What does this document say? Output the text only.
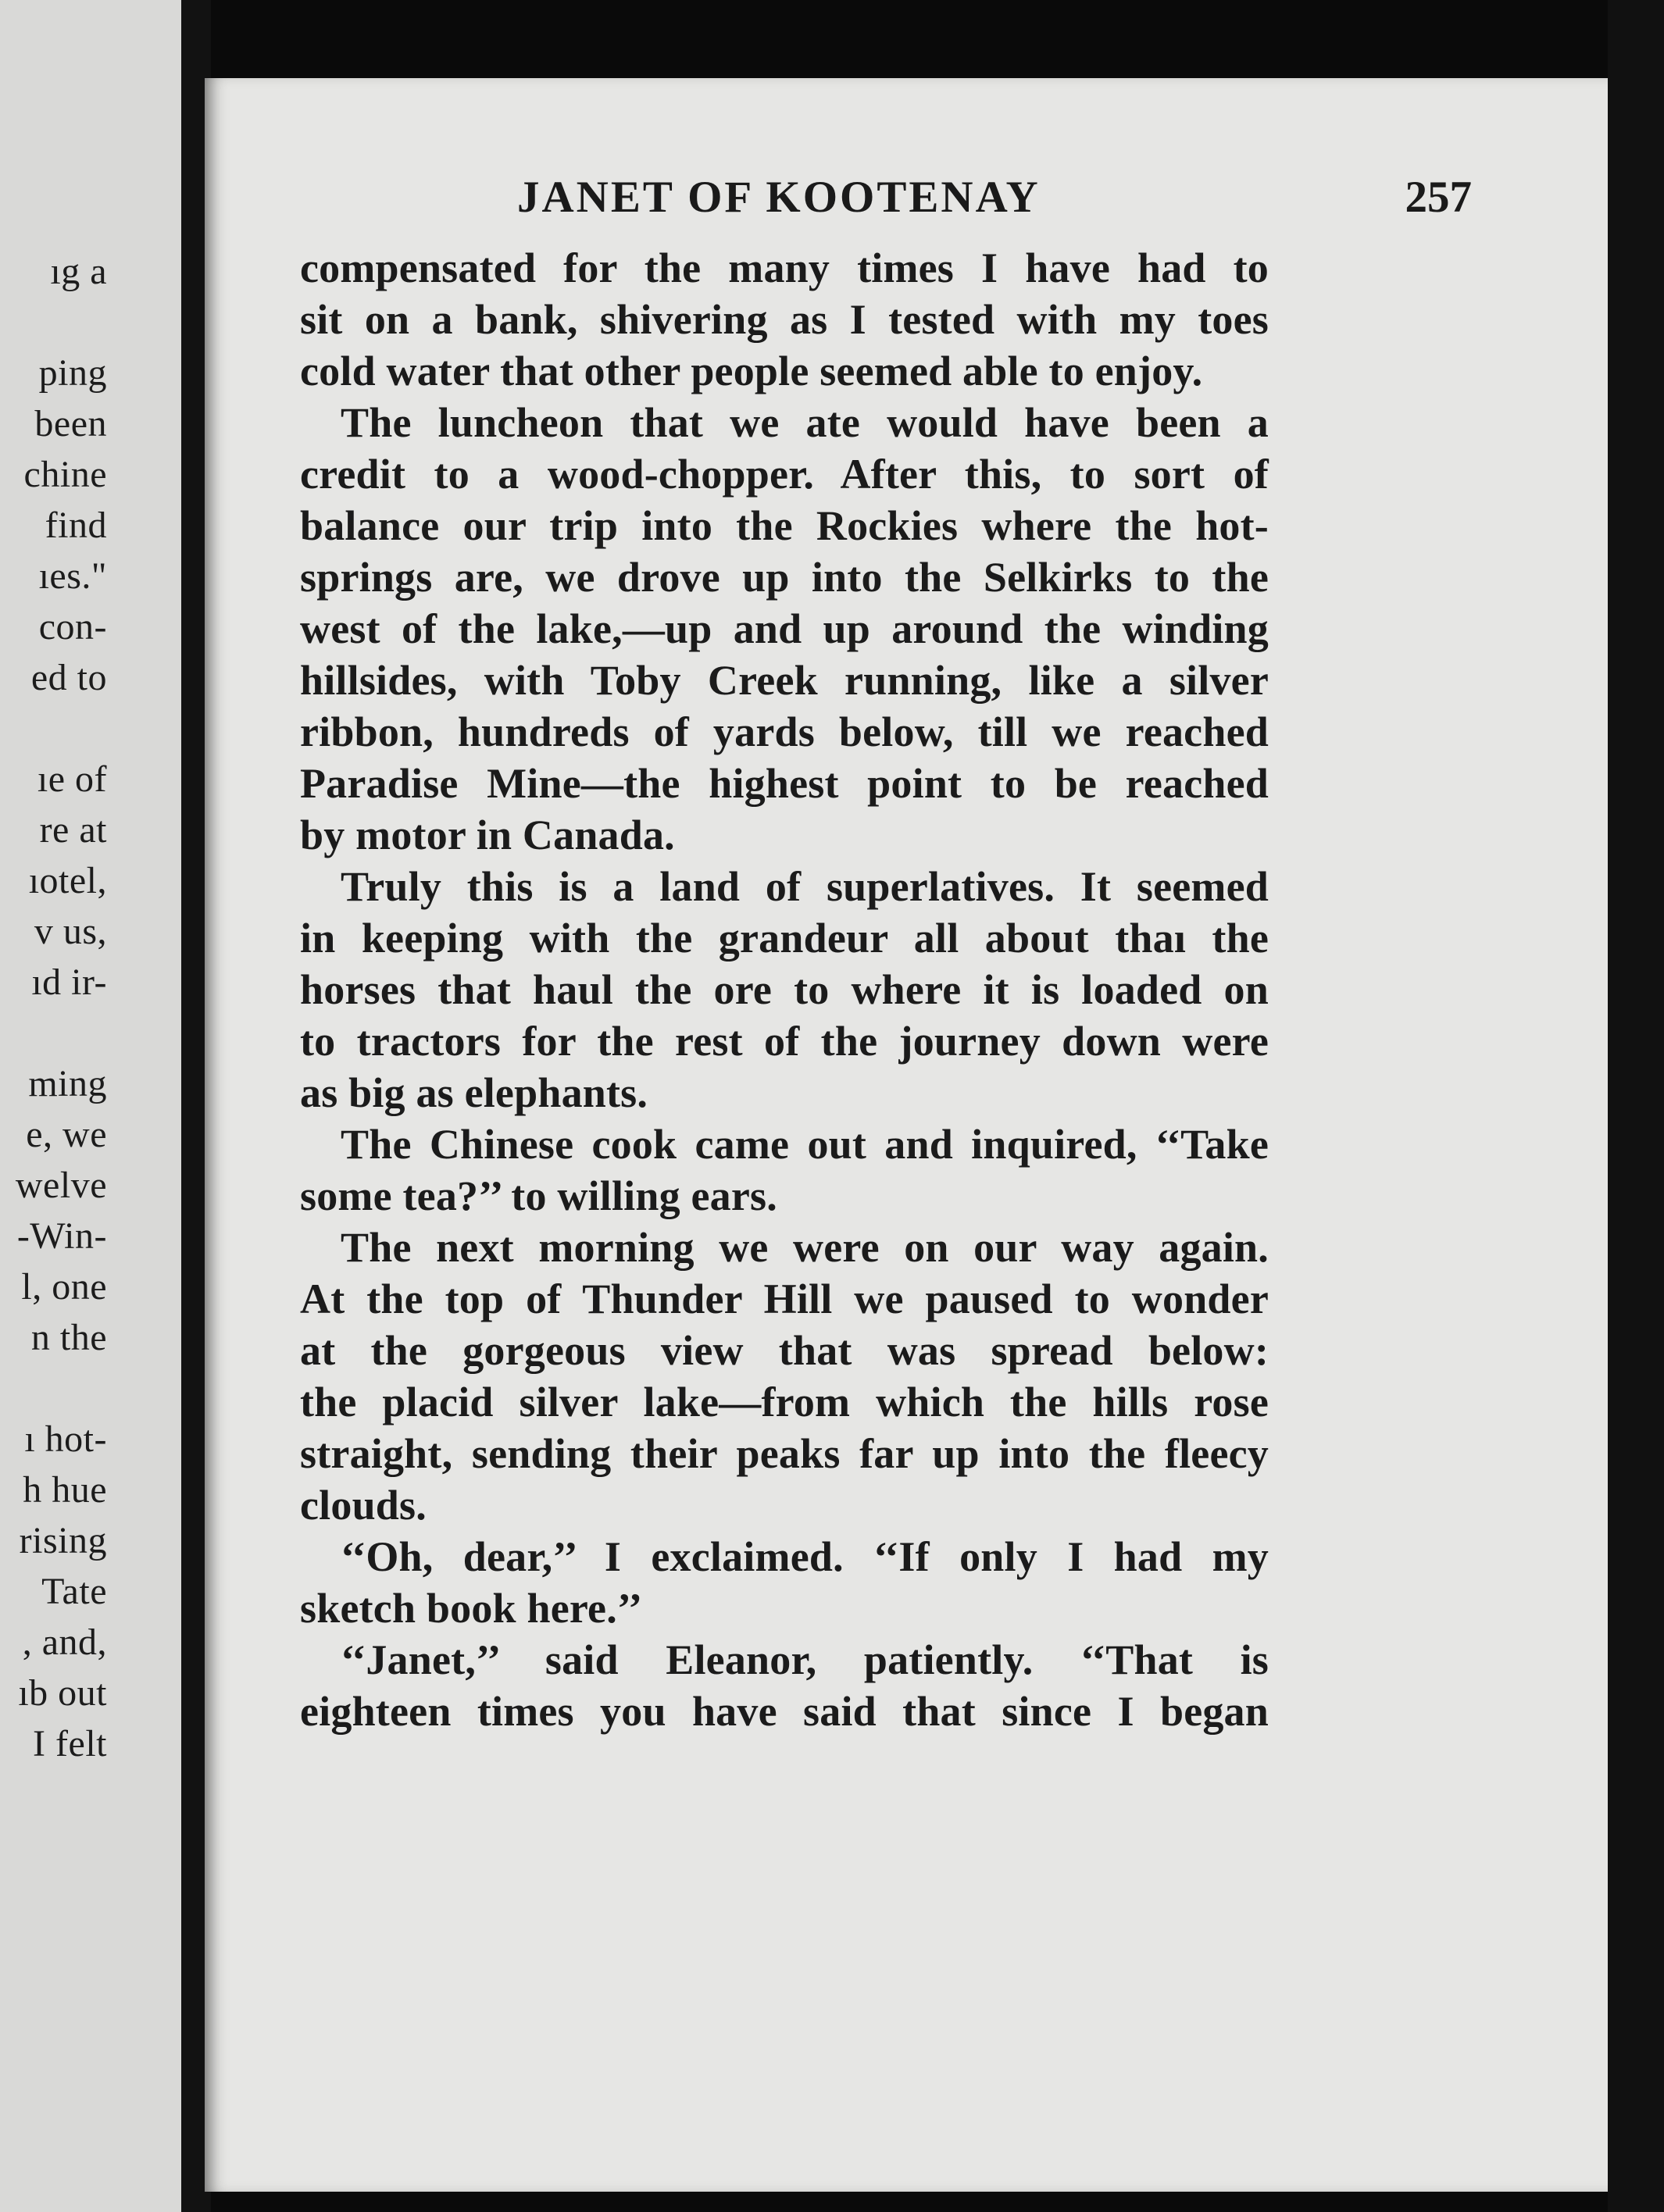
ıg a
ping
been
chine
find
ıes."
con-
ed to
ıe of
re at
ıotel,
v us,
ıd ir-
ming
e, we
welve
-Win-
l, one
n the
ı hot-
h hue
rising
Tate
, and,
ıb out
I felt
JANET OF KOOTENAY	257
compensated for the many times I have had to
sit on a bank, shivering as I tested with my toes
cold water that other people seemed able to enjoy.
The luncheon that we ate would have been a
credit to a wood-chopper. After this, to sort of
balance our trip into the Rockies where the hot-
springs are, we drove up into the Selkirks to the
west of the lake,—up and up around the winding
hillsides, with Toby Creek running, like a silver
ribbon, hundreds of yards below, till we reached
Paradise Mine—the highest point to be reached
by motor in Canada.
Truly this is a land of superlatives. It seemed
in keeping with the grandeur all about thaı the
horses that haul the ore to where it is loaded on
to tractors for the rest of the journey down were
as big as elephants.
The Chinese cook came out and inquired, ‘‘Take
some tea?’’ to willing ears.
The next morning we were on our way again.
At the top of Thunder Hill we paused to wonder
at the gorgeous view that was spread below:
the placid silver lake—from which the hills rose
straight, sending their peaks far up into the fleecy
clouds.
‘‘Oh, dear,’’ I exclaimed. ‘‘If only I had my
sketch book here.’’
‘‘Janet,’’ said Eleanor, patiently. ‘‘That is
eighteen times you have said that since I began
